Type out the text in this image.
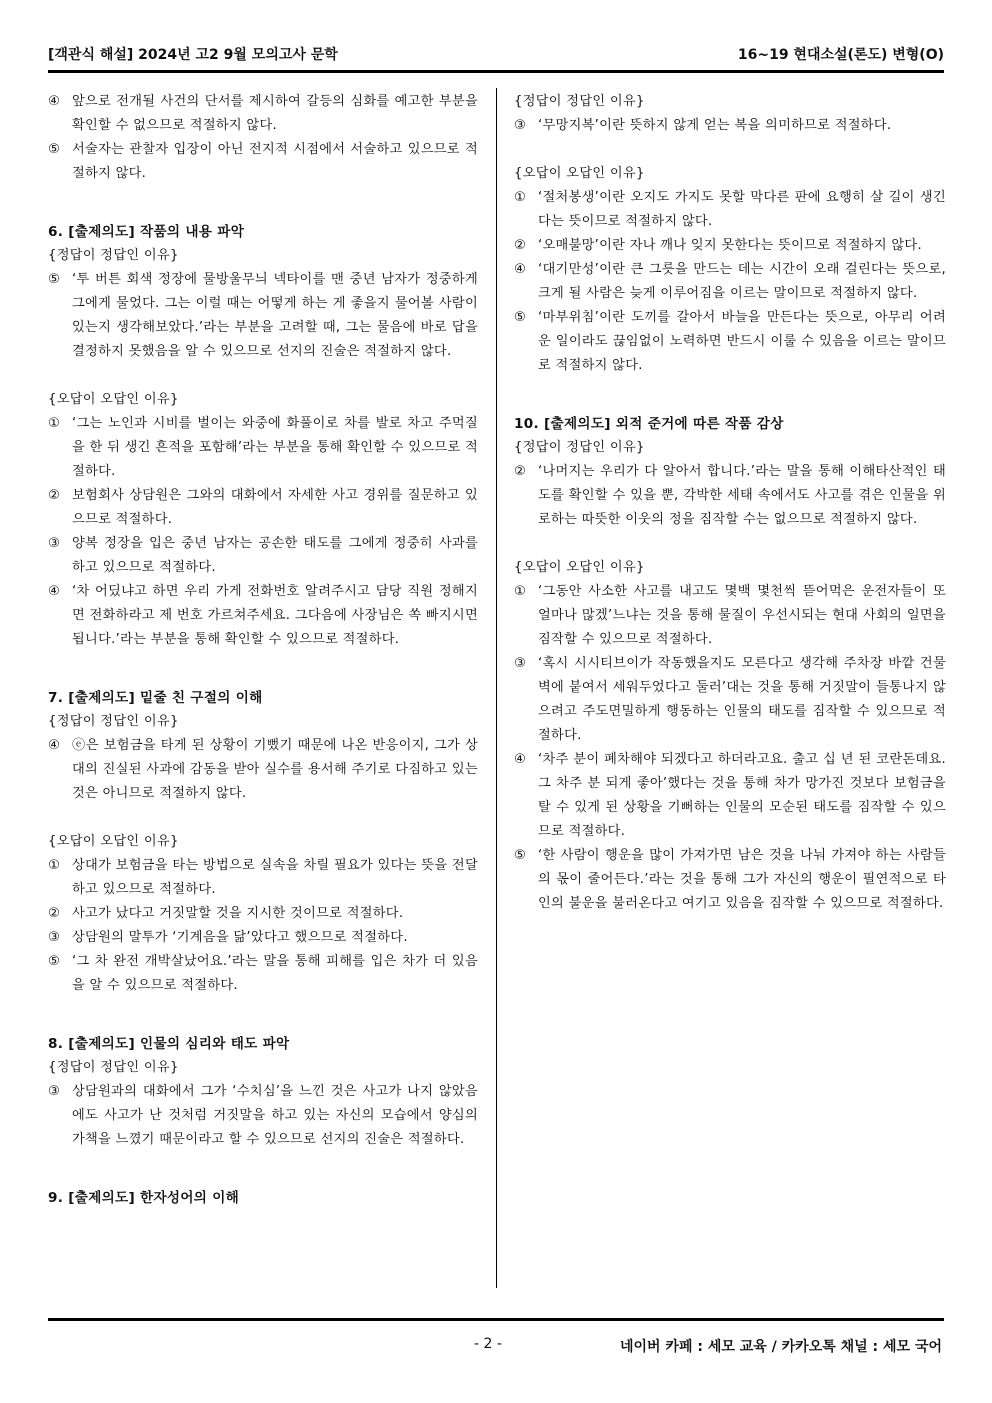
[객관식 해설] 2024년 고2 9월 모의고사 문학	16~19 현대소설(론도) 변형(O)
④ 앞으로 전개될 사건의 단서를 제시하여 갈등의 심화를 예고한 부분을 확인할 수 없으므로 적절하지 않다.
⑤ 서술자는 관찰자 입장이 아닌 전지적 시점에서 서술하고 있으므로 적절하지 않다.
6. [출제의도] 작품의 내용 파악
{정답이 정답인 이유}
⑤ ‘투 버튼 회색 정장에 물방울무늬 넥타이를 맨 중년 남자가 정중하게 그에게 물었다. 그는 이럴 때는 어떻게 하는 게 좋을지 물어볼 사람이 있는지 생각해보았다.’라는 부분을 고려할 때, 그는 물음에 바로 답을 결정하지 못했음을 알 수 있으므로 선지의 진술은 적절하지 않다.
{오답이 오답인 이유}
① ‘그는 노인과 시비를 벌이는 와중에 화풀이로 차를 발로 차고 주먹질을 한 뒤 생긴 흔적을 포함해’라는 부분을 통해 확인할 수 있으므로 적절하다.
② 보험회사 상담원은 그와의 대화에서 자세한 사고 경위를 질문하고 있으므로 적절하다.
③ 양복 정장을 입은 중년 남자는 공손한 태도를 그에게 정중히 사과를 하고 있으므로 적절하다.
④ ‘차 어딨냐고 하면 우리 가게 전화번호 알려주시고 담당 직원 정해지면 전화하라고 제 번호 가르쳐주세요. 그다음에 사장님은 쏙 빠지시면 됩니다.’라는 부분을 통해 확인할 수 있으므로 적절하다.
7. [출제의도] 밑줄 친 구절의 이해
{정답이 정답인 이유}
④ ⓔ은 보험금을 타게 된 상황이 기뻤기 때문에 나온 반응이지, 그가 상대의 진실된 사과에 감동을 받아 실수를 용서해 주기로 다짐하고 있는 것은 아니므로 적절하지 않다.
{오답이 오답인 이유}
① 상대가 보험금을 타는 방법으로 실속을 차릴 필요가 있다는 뜻을 전달하고 있으므로 적절하다.
② 사고가 났다고 거짓말할 것을 지시한 것이므로 적절하다.
③ 상담원의 말투가 ‘기계음을 닮’았다고 했으므로 적절하다.
⑤ ‘그 차 완전 개박살났어요.’라는 말을 통해 피해를 입은 차가 더 있음을 알 수 있으므로 적절하다.
8. [출제의도] 인물의 심리와 태도 파악
{정답이 정답인 이유}
③ 상담원과의 대화에서 그가 ‘수치심’을 느낀 것은 사고가 나지 않았음에도 사고가 난 것처럼 거짓말을 하고 있는 자신의 모습에서 양심의 가책을 느꼈기 때문이라고 할 수 있으므로 선지의 진술은 적절하다.
9. [출제의도] 한자성어의 이해
{정답이 정답인 이유}
③ ‘무망지복’이란 뜻하지 않게 얻는 복을 의미하므로 적절하다.
{오답이 오답인 이유}
① ‘절처봉생’이란 오지도 가지도 못할 막다른 판에 요행히 살 길이 생긴다는 뜻이므로 적절하지 않다.
② ‘오매불망’이란 자나 깨나 잊지 못한다는 뜻이므로 적절하지 않다.
④ ‘대기만성’이란 큰 그릇을 만드는 데는 시간이 오래 걸린다는 뜻으로, 크게 될 사람은 늦게 이루어짐을 이르는 말이므로 적절하지 않다.
⑤ ‘마부위침’이란 도끼를 갈아서 바늘을 만든다는 뜻으로, 아무리 어려운 일이라도 끊임없이 노력하면 반드시 이룰 수 있음을 이르는 말이므로 적절하지 않다.
10. [출제의도] 외적 준거에 따른 작품 감상
{정답이 정답인 이유}
② ‘나머지는 우리가 다 알아서 합니다.’라는 말을 통해 이해타산적인 태도를 확인할 수 있을 뿐, 각박한 세태 속에서도 사고를 겪은 인물을 위로하는 따뜻한 이웃의 정을 짐작할 수는 없으므로 적절하지 않다.
{오답이 오답인 이유}
① ‘그동안 사소한 사고를 내고도 몇백 몇천씩 뜯어먹은 운전자들이 또 얼마나 많겠’느냐는 것을 통해 물질이 우선시되는 현대 사회의 일면을 짐작할 수 있으므로 적절하다.
③ ‘혹시 시시티브이가 작동했을지도 모른다고 생각해 주차장 바깥 건물 벽에 붙여서 세워두었다고 둘러’대는 것을 통해 거짓말이 들통나지 않으려고 주도면밀하게 행동하는 인물의 태도를 짐작할 수 있으므로 적절하다.
④ ‘차주 분이 폐차해야 되겠다고 하더라고요. 출고 십 년 된 코란돈데요. 그 차주 분 되게 좋아’했다는 것을 통해 차가 망가진 것보다 보험금을 탈 수 있게 된 상황을 기뻐하는 인물의 모순된 태도를 짐작할 수 있으므로 적절하다.
⑤ ‘한 사람이 행운을 많이 가져가면 남은 것을 나눠 가져야 하는 사람들의 몫이 줄어든다.’라는 것을 통해 그가 자신의 행운이 필연적으로 타인의 불운을 불러온다고 여기고 있음을 짐작할 수 있으므로 적절하다.
- 2 -	네이버 카페 : 세모 교육 / 카카오톡 채널 : 세모 국어
